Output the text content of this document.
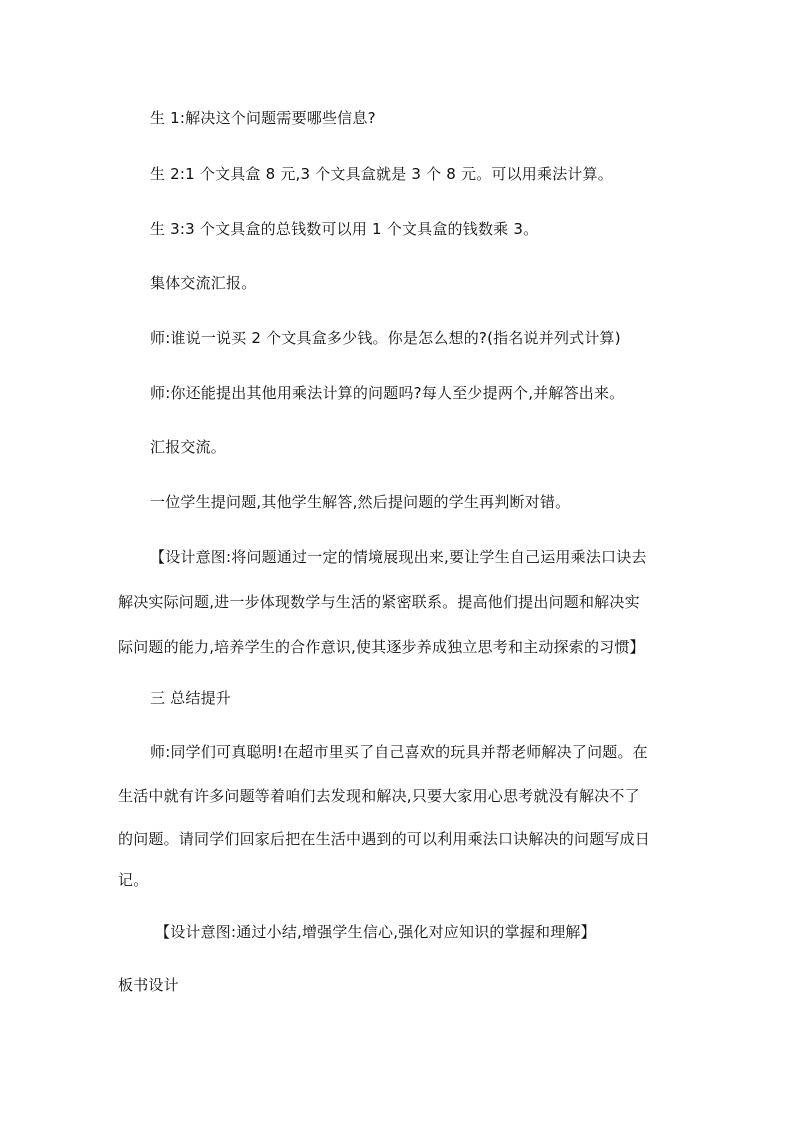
生 1:解决这个问题需要哪些信息?
生 2:1 个文具盒 8 元,3 个文具盒就是 3 个 8 元。可以用乘法计算。
生 3:3 个文具盒的总钱数可以用 1 个文具盒的钱数乘 3。
集体交流汇报。
师:谁说一说买 2 个文具盒多少钱。你是怎么想的?(指名说并列式计算)
师:你还能提出其他用乘法计算的问题吗?每人至少提两个,并解答出来。
汇报交流。
一位学生提问题,其他学生解答,然后提问题的学生再判断对错。
【设计意图:将问题通过一定的情境展现出来,要让学生自己运用乘法口诀去
解决实际问题,进一步体现数学与生活的紧密联系。提高他们提出问题和解决实
际问题的能力,培养学生的合作意识,使其逐步养成独立思考和主动探索的习惯】
三 总结提升
师:同学们可真聪明!在超市里买了自己喜欢的玩具并帮老师解决了问题。在
生活中就有许多问题等着咱们去发现和解决,只要大家用心思考就没有解决不了
的问题。请同学们回家后把在生活中遇到的可以利用乘法口诀解决的问题写成日
记。
【设计意图:通过小结,增强学生信心,强化对应知识的掌握和理解】
板书设计
